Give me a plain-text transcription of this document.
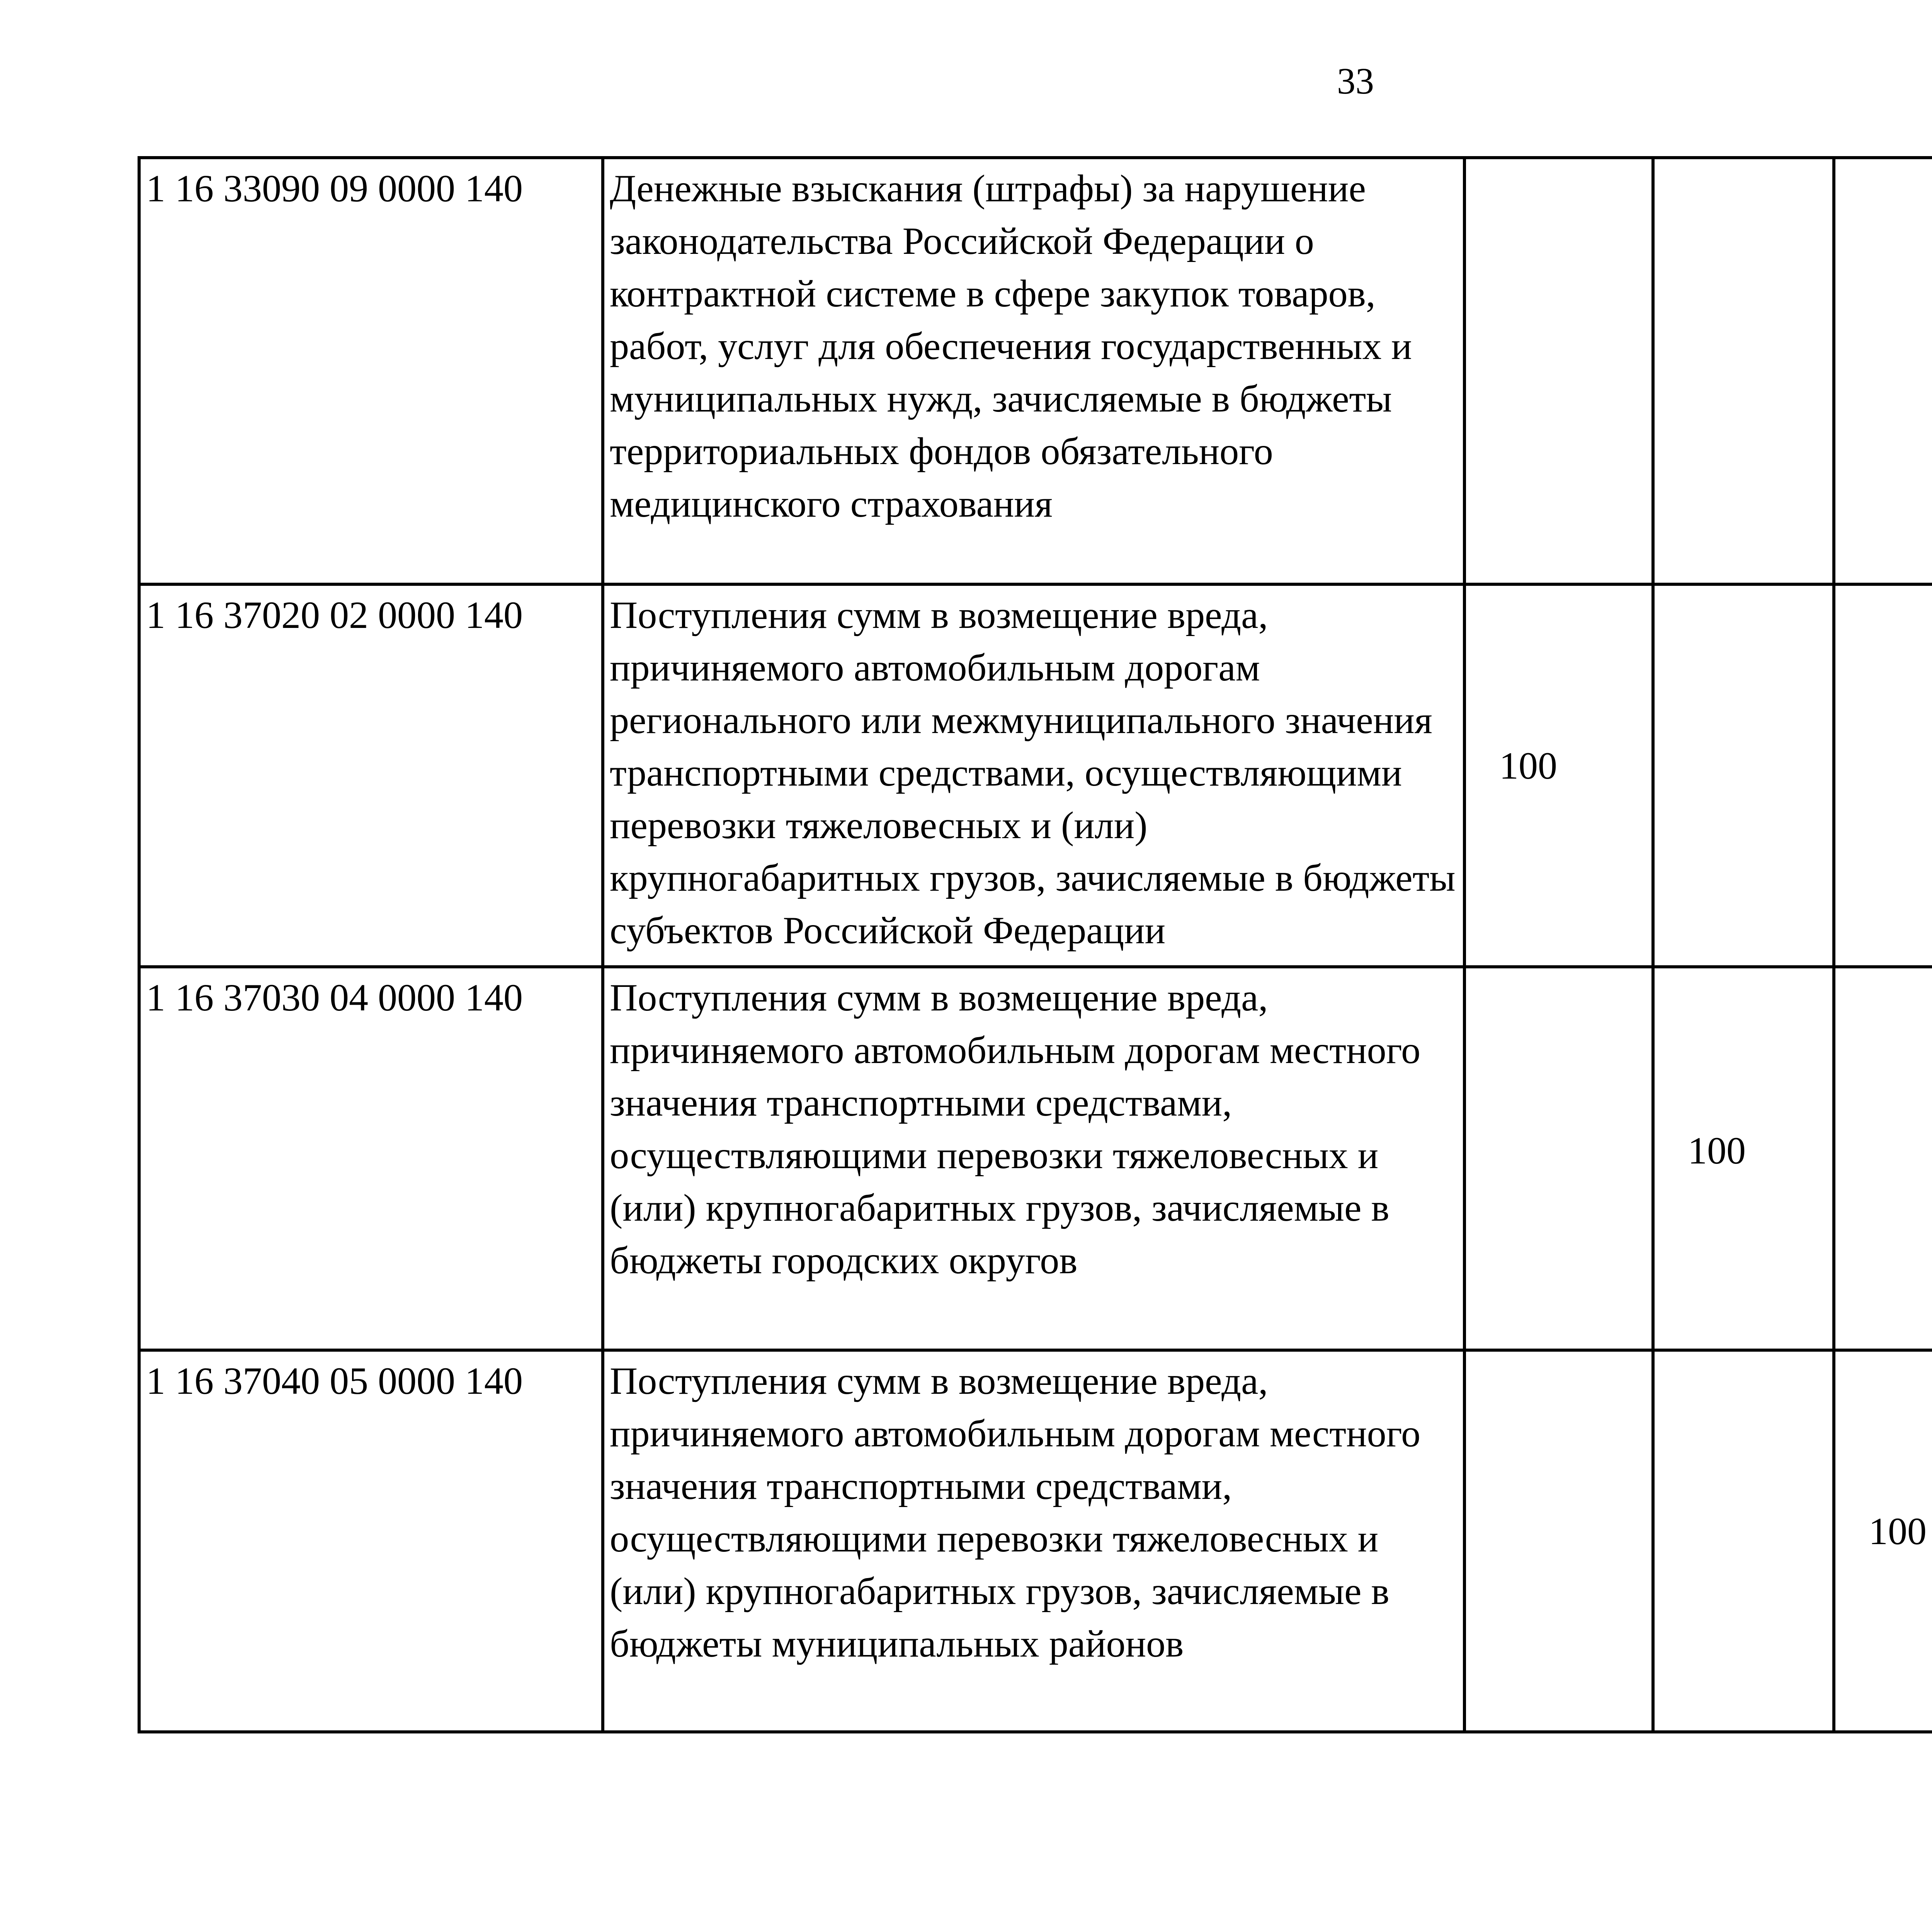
33
1 16 33090 09 0000 140	Денежные взыскания (штрафы) за нарушение законодательства Российской Федерации о контрактной системе в сфере закупок товаров, работ, услуг для обеспечения государственных и муниципальных нужд, зачисляемые в бюджеты территориальных фондов обязательного медицинского страхования					
1 16 37020 02 0000 140	Поступления сумм в возмещение вреда, причиняемого автомобильным дорогам регионального или межмуниципального значения транспортными средствами, осуществляющими перевозки тяжеловесных и (или) крупногабаритных грузов, зачисляемые в бюджеты субъектов Российской Федерации	100				
1 16 37030 04 0000 140	Поступления сумм в возмещение вреда, причиняемого автомобильным дорогам местного значения транспортными средствами, осуществляющими перевозки тяжеловесных и (или) крупногабаритных грузов, зачисляемые в бюджеты городских округов		100			
1 16 37040 05 0000 140	Поступления сумм в возмещение вреда, причиняемого автомобильным дорогам местного значения транспортными средствами, осуществляющими перевозки тяжеловесных и (или) крупногабаритных грузов, зачисляемые в бюджеты муниципальных районов			100		
